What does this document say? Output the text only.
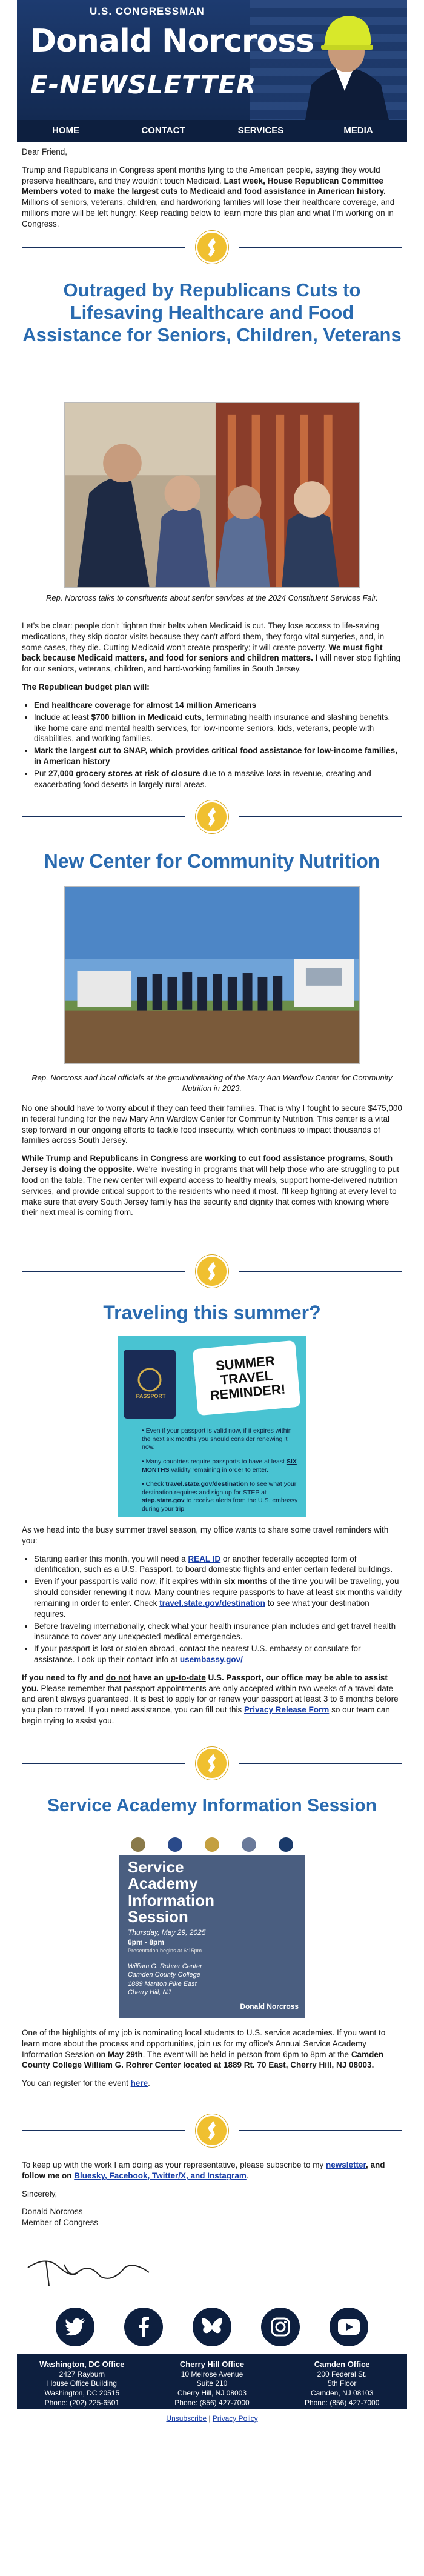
U.S. CONGRESSMAN
Donald Norcross
E-NEWSLETTER
HOME	CONTACT	SERVICES	MEDIA

Dear Friend,

Trump and Republicans in Congress spent months lying to the American people, saying they would preserve healthcare, and they wouldn't touch Medicaid. Last week, House Republican Committee Members voted to make the largest cuts to Medicaid and food assistance in American history. Millions of seniors, veterans, children, and hardworking families will lose their healthcare coverage, and millions more will be left hungry. Keep reading below to learn more this plan and what I'm working on in Congress.

Outraged by Republicans Cuts to Lifesaving Healthcare and Food Assistance for Seniors, Children, Veterans
Rep. Norcross talks to constituents about senior services at the 2024 Constituent Services Fair.

Let's be clear: people don't 'tighten their belts when Medicaid is cut. They lose access to life-saving medications, they skip doctor visits because they can't afford them, they forgo vital surgeries, and, in some cases, they die. Cutting Medicaid won't create prosperity; it will create poverty. We must fight back because Medicaid matters, and food for seniors and children matters. I will never stop fighting for our seniors, veterans, children, and hard-working families in South Jersey.

The Republican budget plan will:

• End healthcare coverage for almost 14 million Americans
• Include at least $700 billion in Medicaid cuts, terminating health insurance and slashing benefits, like home care and mental health services, for low-income seniors, kids, veterans, people with disabilities, and working families.
• Mark the largest cut to SNAP, which provides critical food assistance for low-income families, in American history
• Put 27,000 grocery stores at risk of closure due to a massive loss in revenue, creating and exacerbating food deserts in largely rural areas.
New Center for Community Nutrition
Rep. Norcross and local officials at the groundbreaking of the Mary Ann Wardlow Center for Community Nutrition in 2023.

No one should have to worry about if they can feed their families. That is why I fought to secure $475,000 in federal funding for the new Mary Ann Wardlow Center for Community Nutrition. This center is a vital step forward in our ongoing efforts to tackle food insecurity, which continues to impact thousands of families across South Jersey.

While Trump and Republicans in Congress are working to cut food assistance programs, South Jersey is doing the opposite. We're investing in programs that will help those who are struggling to put food on the table. The new center will expand access to healthy meals, support home-delivered nutrition services, and provide critical support to the residents who need it most. I'll keep fighting at every level to make sure that every South Jersey family has the security and dignity that comes with knowing where their next meal is coming from.

Traveling this summer?
PASSPORT
SUMMER TRAVEL REMINDER!
• Even if your passport is valid now, if it expires within the next six months you should consider renewing it now.
• Many countries require passports to have at least SIX MONTHS validity remaining in order to enter.
• Check travel.state.gov/destination to see what your destination requires and sign up for STEP at step.state.gov to receive alerts from the U.S. embassy during your trip.

As we head into the busy summer travel season, my office wants to share some travel reminders with you:

• Starting earlier this month, you will need a REAL ID or another federally accepted form of identification, such as a U.S. Passport, to board domestic flights and enter certain federal buildings.
• Even if your passport is valid now, if it expires within six months of the time you will be traveling, you should consider renewing it now. Many countries require passports to have at least six months validity remaining in order to enter. Check travel.state.gov/destination to see what your destination requires.
• Before traveling internationally, check what your health insurance plan includes and get travel health insurance to cover any unexpected medical emergencies.
• If your passport is lost or stolen abroad, contact the nearest U.S. embassy or consulate for assistance. Look up their contact info at usembassy.gov/

If you need to fly and do not have an up-to-date U.S. Passport, our office may be able to assist you. Please remember that passport appointments are only accepted within two weeks of a travel date and aren't always guaranteed. It is best to apply for or renew your passport at least 3 to 6 months before you plan to travel. If you need assistance, you can fill out this Privacy Release Form so our team can begin trying to assist you.

Service Academy Information Session
Service Academy Information Session
Thursday, May 29, 2025
6pm - 8pm
Presentation begins at 6:15pm
William G. Rohrer Center
Camden County College
1889 Marlton Pike East
Cherry Hill, NJ
Donald Norcross

One of the highlights of my job is nominating local students to U.S. service academies. If you want to learn more about the process and opportunities, join us for my office's Annual Service Academy Information Session on May 29th. The event will be held in person from 6pm to 8pm at the Camden County College William G. Rohrer Center located at 1889 Rt. 70 East, Cherry Hill, NJ 08003.

You can register for the event here.

To keep up with the work I am doing as your representative, please subscribe to my newsletter, and follow me on Bluesky, Facebook, Twitter/X, and Instagram.

Sincerely,

Donald Norcross
Member of Congress
Washington, DC Office
2427 Rayburn
House Office Building
Washington, DC 20515
Phone: (202) 225-6501
Cherry Hill Office
10 Melrose Avenue
Suite 210
Cherry Hill, NJ 08003
Phone: (856) 427-7000
Camden Office
200 Federal St.
5th Floor
Camden, NJ 08103
Phone: (856) 427-7000
Unsubscribe | Privacy Policy
